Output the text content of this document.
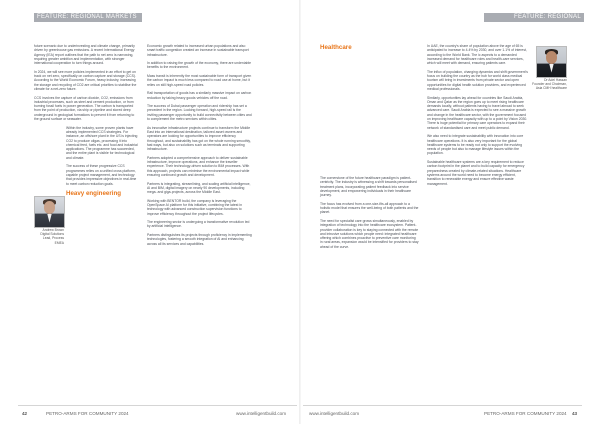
FEATURE: REGIONAL MARKETS	FEATURE: REGIONAL MARKETS

future scenario due to underinvesting and climate change, primarily driven by greenhouse gas emissions. A recent International Energy Agency (IEA) report outlines that the path to net zero is narrowing, requiring greater ambition and implementation, with stronger international cooperation to turn things around.

In 2024, we will see more policies implemented in an effort to get on track on net zero, specifically on carbon capture and storage (CCS). According to the World Economic Forum, heavy industry, increasing the storage and recycling of CO2 are critical priorities to stabilise the climate for a net-zero future.

CCS involves the capture of carbon dioxide, CO2, emissions from industrial processes, such as steel and cement production, or from burning fossil fuels in power generation. The carbon is transported from the point of production, via ship or pipeline and stored deep underground in geological formations to prevent it from returning to the ground surface or seawater.

Within the industry, some proven plants have already implemented CCS strategies. For instance, an offshore plant in the US is injecting CO2 to produce oilgas, processing it into chemical feed, fuels etc. and food and industrial applications. The programme has succeeded, and the entire plant is visible for technological and climate.

The success of these progressive CCS programmes relies on a unified cross platform, capable project management, and technology that provides impressive objectives in real-time to meet carbon reduction goals.

Heavy engineering
Andrew Brown
Digital Solutions Lead, Process EMEA

Economic growth related to increased urban populations and also smart traffic congestion created an increase in sustainable transport infrastructure.

In addition to raising the growth of the economy, there are undeniable benefits to the environment.

Mass transit is inherently the most sustainable form of transport given the carbon impact is much less compared to road use at home, but it relies on still high-speed road policies.

Rail transportation of goods has a similarly massive impact on carbon reduction by taking heavy goods vehicles off the road.

The success of Dubai passenger operation and ridership has set a precedent in the region. Looking forward, high-speed rail is the inviting passenger opportunity to build connectivity between cities and to complement the metro services within cities.

As innovative infrastructure projects continue to transform the Middle East into an international destination, tailored asset owners and operators are looking for opportunities to improve efficiency throughout, and sustainability has got on the whole running smoothly, fast ways, but also on solutions such as terminals and supporting infrastructure.

Partners adopted a comprehensive approach to deliver sustainable infrastructure, improve operations, and enhance the traveller experience. Their technology-driven solution to BIM processes. With this approach, projects can minimise the environmental impact while ensuring continued growth and development.

Partners is integrating, streamlining, and scaling artificial intelligence, AI and BIM, digital imagery on nearly 90 developments, including mega- and giga-projects, across the Middle East.

Working with BENTOR build, the company is leveraging the OpenSpace AI platform for this initiative, combining the latest in technology with advanced construction supervision functions to improve efficiency throughout the project lifecycles.

The engineering sector is undergoing a transformative revolution led by artificial intelligence.

Partners distinguishes its projects through proficiency in implementing technologies, fostering a smooth integration of AI and enhancing across all its services and capabilities.

Healthcare

The cornerstone of the future healthcare paradigm is patient-centricity. The industry is witnessing a shift towards personalised treatment plans, incorporating patient feedback into service development, and empowering individuals in their healthcare journey.

The focus has evolved from a one-size-fits-all approach to a holistic model that ensures the well-being of both patients and the planet.

The need for specialist care grows simultaneously, enabled by integration of technology into the healthcare ecosystem. Patient-provider collaboration is key to staying connected with the remote and intrusive solutions which people need: integrated healthcare offering which combines proactive to preventive care monitoring in rural areas, expansion would be intensified for providers to stay ahead of the curve.

In UAE, the country's share of population above the age of 65 is anticipated to increase to 4.4% by 2030, and over 1.1% of interest, according to the World Bank. The ic aspects to a demanded increased demand for healthcare roles and health-care services, which will meet with demand, ensuring patients care.

The influx of population, changing dynamics and shift government's focus on building the country as the hub for world class medical tourism will bring in investments from private sector and open opportunities for digital health solution providers, and experienced medical professionals.

Similarly, opportunities lay ahead for countries like Saudi Arabia, Oman and Qatar as the region goes up to meet rising healthcare demands locally, without patients having to travel abroad to seek advanced care. Saudi Arabia is expected to see a massive growth and change in the healthcare sector, with the government focused on improving healthcare capacity with up to a point by Vision 2030. There is huge potential for primary care operators to expand their network of standardised care and meet public demand.

We also need to integrate sustainability with innovation into core healthcare operations. It is also very important for the global healthcare systems to be ready not only to support the evolving needs of people but also to manage lifestyle issues within the population.

Sustainable healthcare systems are a key requirement to reduce carbon footprint in the planet and to build capacity for emergency preparedness created by climate-related situations. Healthcare systems around the world need to become energy efficient, transition to renewable energy and ensure effective waste management.

Dr Adel Hassan
Founder and Chairman, Asia CMH healthcare
42	PETRO-ARMS FOR COMMUNITY 2024	www.intelligentbuild.com	www.intelligentbuild.com	PETRO-ARMS FOR COMMUNITY 2024 43
